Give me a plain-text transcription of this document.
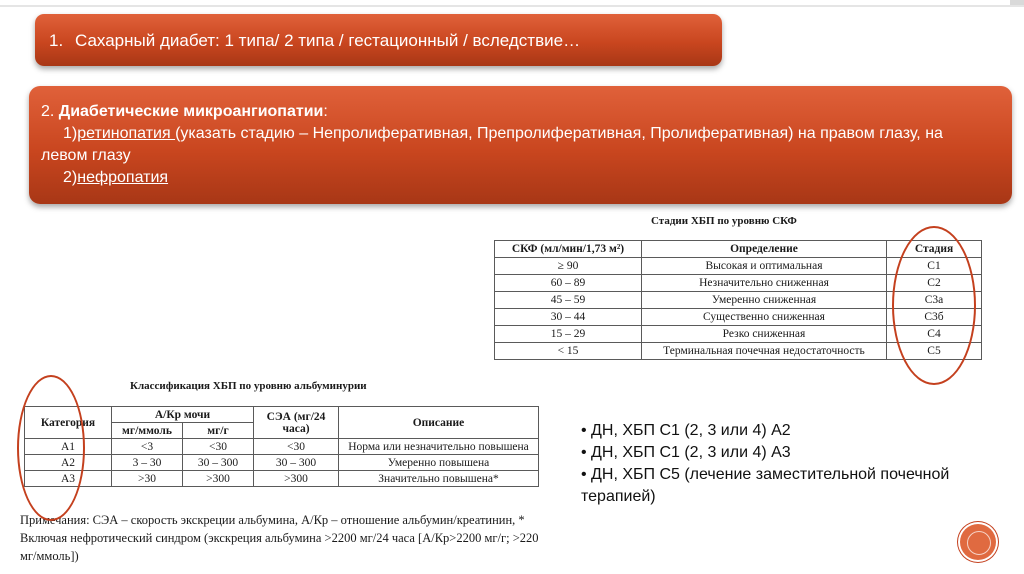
1. Сахарный диабет: 1 типа/ 2 типа / гестационный / вследствие…
2. Диабетические микроангиопатии:
1)ретинопатия (указать стадию – Непролиферативная, Препролиферативная, Пролиферативная) на правом глазу, на левом глазу
2)нефропатия
Стадии ХБП по уровню СКФ
СКФ (мл/мин/1,73 м²)	Определение	Стадия
≥ 90	Высокая и оптимальная	С1
60 – 89	Незначительно сниженная	С2
45 – 59	Умеренно сниженная	С3а
30 – 44	Существенно сниженная	С3б
15 – 29	Резко сниженная	С4
< 15	Терминальная почечная недостаточность	С5
Классификация ХБП по уровню альбуминурии
Категория	А/Кр мочи		СЭА (мг/24 часа)	Описание
	мг/ммоль	мг/г		
А1	<3	<30	<30	Норма или незначительно повышена
А2	3 – 30	30 – 300	30 – 300	Умеренно повышена
А3	>30	>300	>300	Значительно повышена*
Примечания: СЭА – скорость экскреции альбумина, А/Кр – отношение альбумин/креатинин, * Включая нефротический синдром (экскреция альбумина >2200 мг/24 часа [А/Кр>2200 мг/г; >220 мг/ммоль])
• ДН, ХБП С1 (2, 3 или 4) А2
• ДН, ХБП С1 (2, 3 или 4) А3
• ДН, ХБП С5 (лечение заместительной почечной терапией)
